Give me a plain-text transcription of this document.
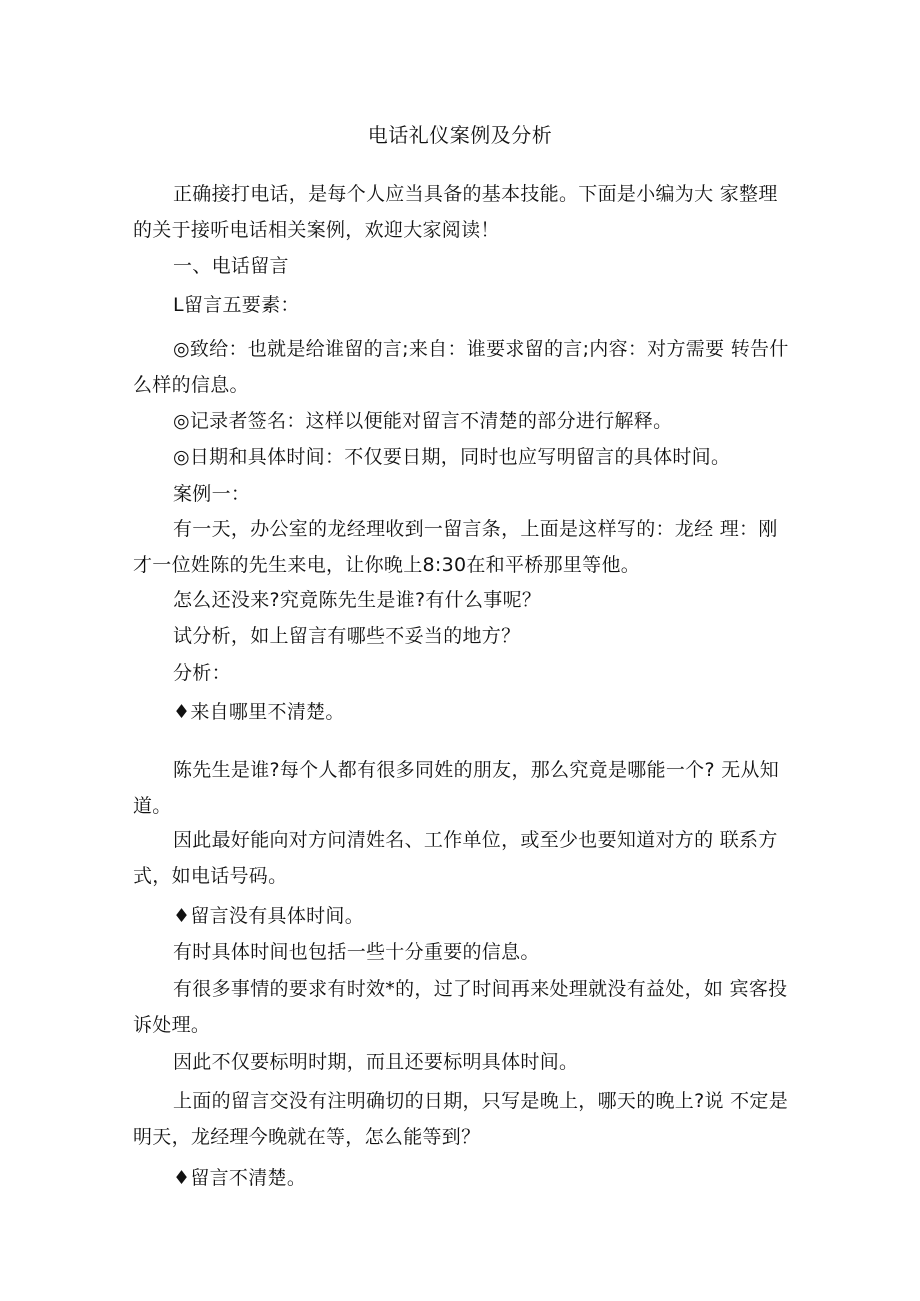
电话礼仪案例及分析

正确接打电话，是每个人应当具备的基本技能。下面是小编为大 家整理的关于接听电话相关案例，欢迎大家阅读！

一、电话留言

L留言五要素：

◎致给：也就是给谁留的言;来自：谁要求留的言;内容：对方需要 转告什么样的信息。

◎记录者签名：这样以便能对留言不清楚的部分进行解释。

◎日期和具体时间：不仅要日期，同时也应写明留言的具体时间。

案例一：

有一天，办公室的龙经理收到一留言条，上面是这样写的：龙经 理：刚才一位姓陈的先生来电，让你晚上8:30在和平桥那里等他。

怎么还没来?究竟陈先生是谁?有什么事呢？

试分析，如上留言有哪些不妥当的地方？

分析：

♦来自哪里不清楚。

陈先生是谁?每个人都有很多同姓的朋友，那么究竟是哪能一个? 无从知道。

因此最好能向对方问清姓名、工作单位，或至少也要知道对方的 联系方式，如电话号码。

♦留言没有具体时间。

有时具体时间也包括一些十分重要的信息。

有很多事情的要求有时效*的，过了时间再来处理就没有益处，如 宾客投诉处理。

因此不仅要标明时期，而且还要标明具体时间。

上面的留言交没有注明确切的日期，只写是晚上，哪天的晚上?说 不定是明天，龙经理今晚就在等，怎么能等到？

♦留言不清楚。
